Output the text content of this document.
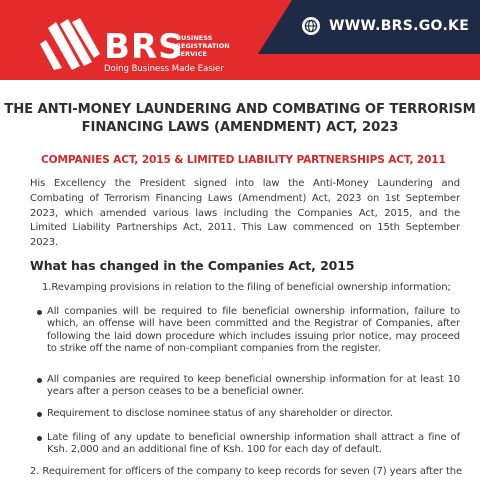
BRS
BUSINESS
REGISTRATION
SERVICE
Doing Business Made Easier
WWW.BRS.GO.KE
THE ANTI-MONEY LAUNDERING AND COMBATING OF TERRORISM
FINANCING LAWS (AMENDMENT) ACT, 2023
COMPANIES ACT, 2015 & LIMITED LIABILITY PARTNERSHIPS ACT, 2011
His Excellency the President signed into law the Anti-Money Laundering and Combating of Terrorism Financing Laws (Amendment) Act, 2023 on 1st September 2023, which amended various laws including the Companies Act, 2015, and the Limited Liability Partnerships Act, 2011. This Law commenced on 15th September 2023.
What has changed in the Companies Act, 2015
1.Revamping provisions in relation to the filing of beneficial ownership information;
All companies will be required to file beneficial ownership information, failure to which, an offense will have been committed and the Registrar of Companies, after following the laid down procedure which includes issuing prior notice, may proceed to strike off the name of non-compliant companies from the register.
All companies are required to keep beneficial ownership information for at least 10 years after a person ceases to be a beneficial owner.
Requirement to disclose nominee status of any shareholder or director.
Late filing of any update to beneficial ownership information shall attract a fine of Ksh. 2,000 and an additional fine of Ksh. 100 for each day of default.
2. Requirement for officers of the company to keep records for seven (7) years after the
